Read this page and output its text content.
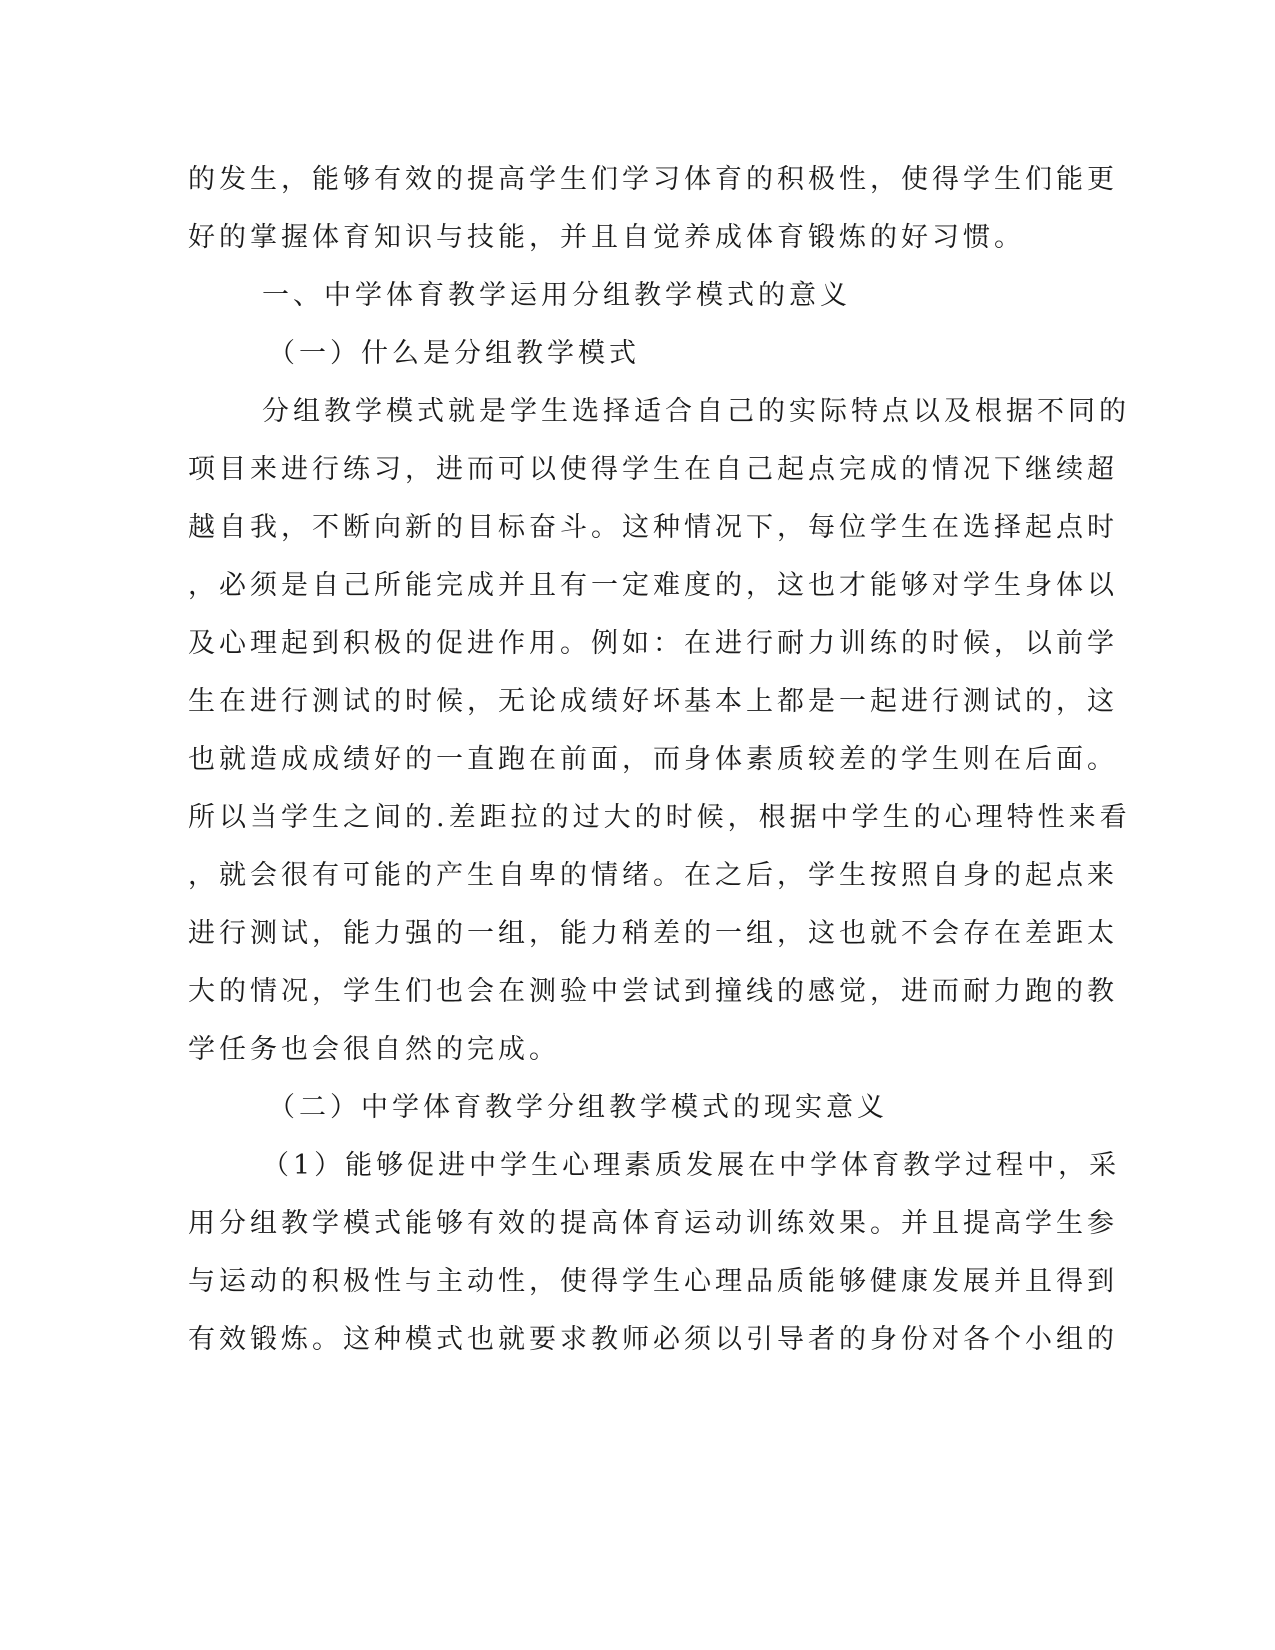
的发生，能够有效的提高学生们学习体育的积极性，使得学生们能更
好的掌握体育知识与技能，并且自觉养成体育锻炼的好习惯。
一、中学体育教学运用分组教学模式的意义
（一）什么是分组教学模式
分组教学模式就是学生选择适合自己的实际特点以及根据不同的
项目来进行练习，进而可以使得学生在自己起点完成的情况下继续超
越自我，不断向新的目标奋斗。这种情况下，每位学生在选择起点时
，必须是自己所能完成并且有一定难度的，这也才能够对学生身体以
及心理起到积极的促进作用。例如：在进行耐力训练的时候，以前学
生在进行测试的时候，无论成绩好坏基本上都是一起进行测试的，这
也就造成成绩好的一直跑在前面，而身体素质较差的学生则在后面。
所以当学生之间的.差距拉的过大的时候，根据中学生的心理特性来看
，就会很有可能的产生自卑的情绪。在之后，学生按照自身的起点来
进行测试，能力强的一组，能力稍差的一组，这也就不会存在差距太
大的情况，学生们也会在测验中尝试到撞线的感觉，进而耐力跑的教
学任务也会很自然的完成。
（二）中学体育教学分组教学模式的现实意义
（1）能够促进中学生心理素质发展在中学体育教学过程中，采
用分组教学模式能够有效的提高体育运动训练效果。并且提高学生参
与运动的积极性与主动性，使得学生心理品质能够健康发展并且得到
有效锻炼。这种模式也就要求教师必须以引导者的身份对各个小组的
